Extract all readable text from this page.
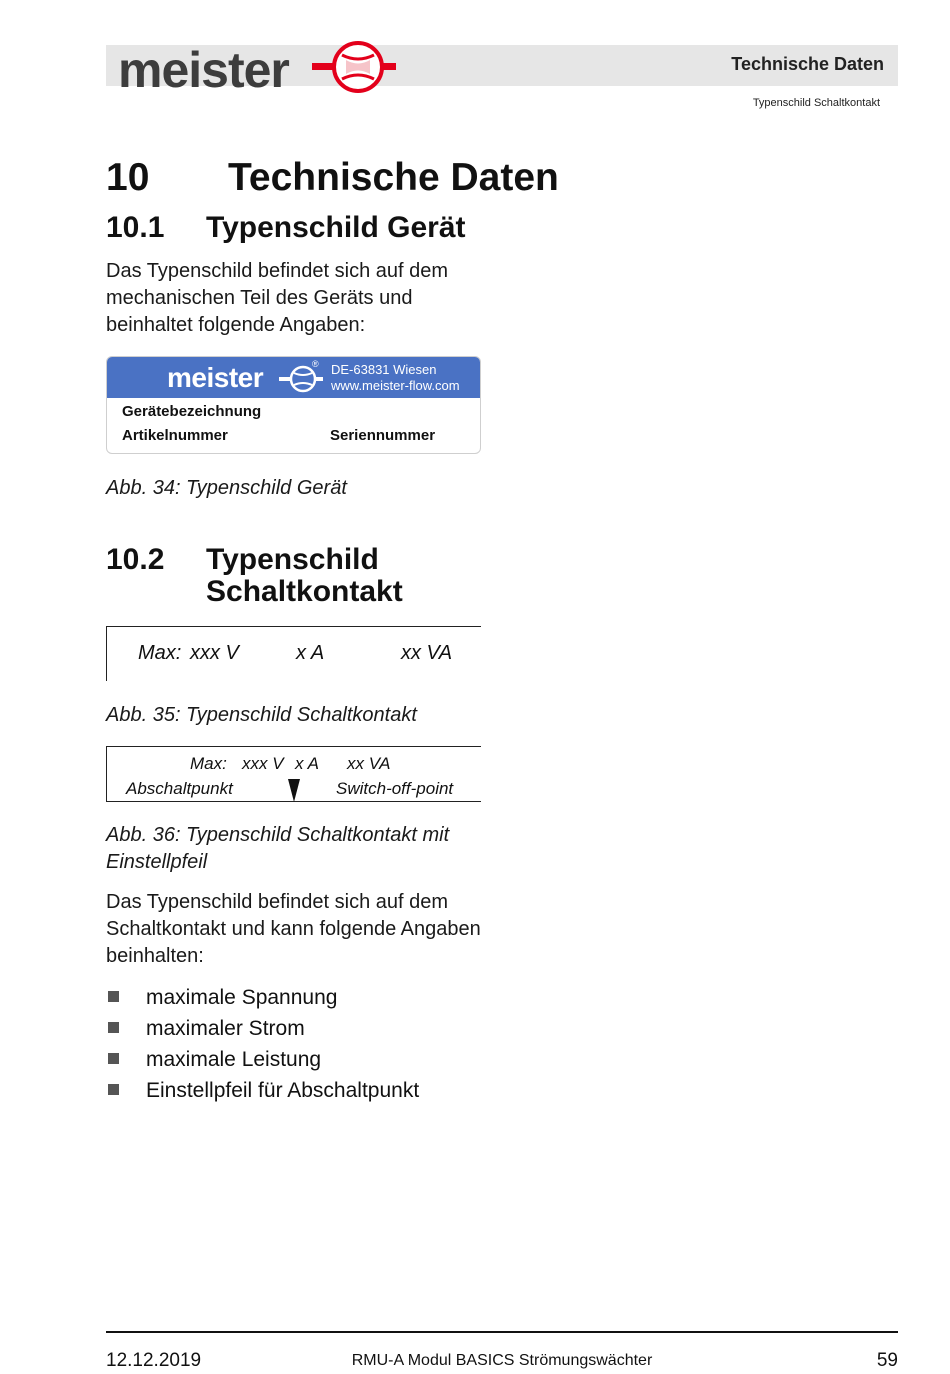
meister	Technische Daten
Typenschild Schaltkontakt
10 Technische Daten
10.1 Typenschild Gerät
Das Typenschild befindet sich auf dem mechanischen Teil des Geräts und beinhaltet folgende Angaben:
meister	® DE-63831 Wiesen
www.meister-flow.com
Gerätebezeichnung
Artikelnummer	Seriennummer
Abb. 34: Typenschild Gerät
10.2 Typenschild
Schaltkontakt
Max: xxx V	x A	xx VA
Abb. 35: Typenschild Schaltkontakt
Max: xxx V x A xx VA
Abschaltpunkt	Switch-off-point
Abb. 36: Typenschild Schaltkontakt mit Einstellpfeil
Das Typenschild befindet sich auf dem Schaltkontakt und kann folgende Angaben beinhalten:
maximale Spannung
maximaler Strom
maximale Leistung
Einstellpfeil für Abschaltpunkt
12.12.2019	RMU-A Modul BASICS Strömungswächter	59
